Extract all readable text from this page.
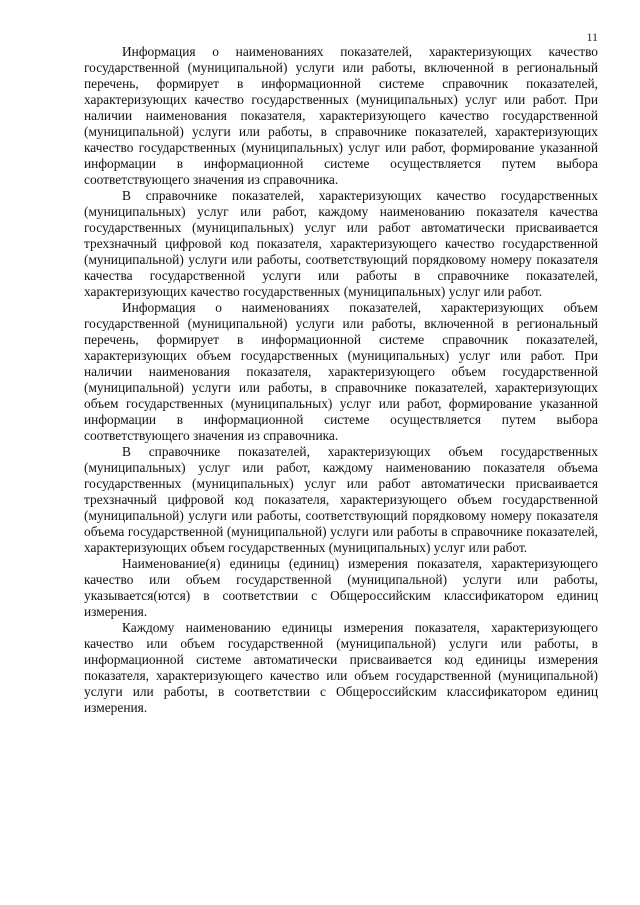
11

Информация о наименованиях показателей, характеризующих качество государственной (муниципальной) услуги или работы, включенной в региональный перечень, формирует в информационной системе справочник показателей, характеризующих качество государственных (муниципальных) услуг или работ. При наличии наименования показателя, характеризующего качество государственной (муниципальной) услуги или работы, в справочнике показателей, характеризующих качество государственных (муниципальных) услуг или работ, формирование указанной информации в информационной системе осуществляется путем выбора соответствующего значения из справочника.

В справочнике показателей, характеризующих качество государственных (муниципальных) услуг или работ, каждому наименованию показателя качества государственных (муниципальных) услуг или работ автоматически присваивается трехзначный цифровой код показателя, характеризующего качество государственной (муниципальной) услуги или работы, соответствующий порядковому номеру показателя качества государственной услуги или работы в справочнике показателей, характеризующих качество государственных (муниципальных) услуг или работ.

Информация о наименованиях показателей, характеризующих объем государственной (муниципальной) услуги или работы, включенной в региональный перечень, формирует в информационной системе справочник показателей, характеризующих объем государственных (муниципальных) услуг или работ. При наличии наименования показателя, характеризующего объем государственной (муниципальной) услуги или работы, в справочнике показателей, характеризующих объем государственных (муниципальных) услуг или работ, формирование указанной информации в информационной системе осуществляется путем выбора соответствующего значения из справочника.

В справочнике показателей, характеризующих объем государственных (муниципальных) услуг или работ, каждому наименованию показателя объема государственных (муниципальных) услуг или работ автоматически присваивается трехзначный цифровой код показателя, характеризующего объем государственной (муниципальной) услуги или работы, соответствующий порядковому номеру показателя объема государственной (муниципальной) услуги или работы в справочнике показателей, характеризующих объем государственных (муниципальных) услуг или работ.

Наименование(я) единицы (единиц) измерения показателя, характеризующего качество или объем государственной (муниципальной) услуги или работы, указывается(ются) в соответствии с Общероссийским классификатором единиц измерения.

Каждому наименованию единицы измерения показателя, характеризующего качество или объем государственной (муниципальной) услуги или работы, в информационной системе автоматически присваивается код единицы измерения показателя, характеризующего качество или объем государственной (муниципальной) услуги или работы, в соответствии с Общероссийским классификатором единиц измерения.
